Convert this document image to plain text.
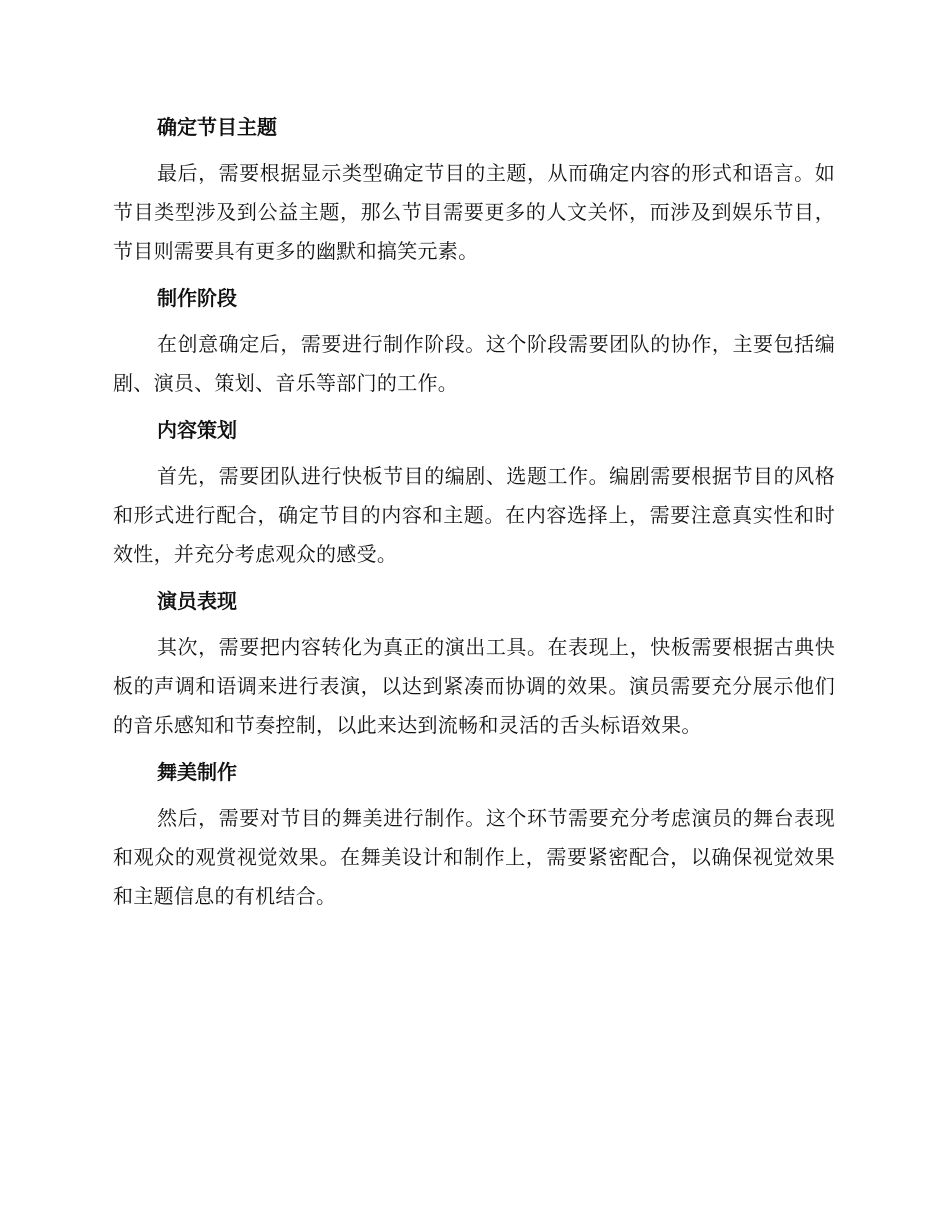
确定节目主题

最后，需要根据显示类型确定节目的主题，从而确定内容的形式和语言。如节目类型涉及到公益主题，那么节目需要更多的人文关怀，而涉及到娱乐节目，节目则需要具有更多的幽默和搞笑元素。

制作阶段

在创意确定后，需要进行制作阶段。这个阶段需要团队的协作，主要包括编剧、演员、策划、音乐等部门的工作。

内容策划

首先，需要团队进行快板节目的编剧、选题工作。编剧需要根据节目的风格和形式进行配合，确定节目的内容和主题。在内容选择上，需要注意真实性和时效性，并充分考虑观众的感受。

演员表现

其次，需要把内容转化为真正的演出工具。在表现上，快板需要根据古典快板的声调和语调来进行表演，以达到紧凑而协调的效果。演员需要充分展示他们的音乐感知和节奏控制，以此来达到流畅和灵活的舌头标语效果。

舞美制作

然后，需要对节目的舞美进行制作。这个环节需要充分考虑演员的舞台表现和观众的观赏视觉效果。在舞美设计和制作上，需要紧密配合，以确保视觉效果和主题信息的有机结合。
